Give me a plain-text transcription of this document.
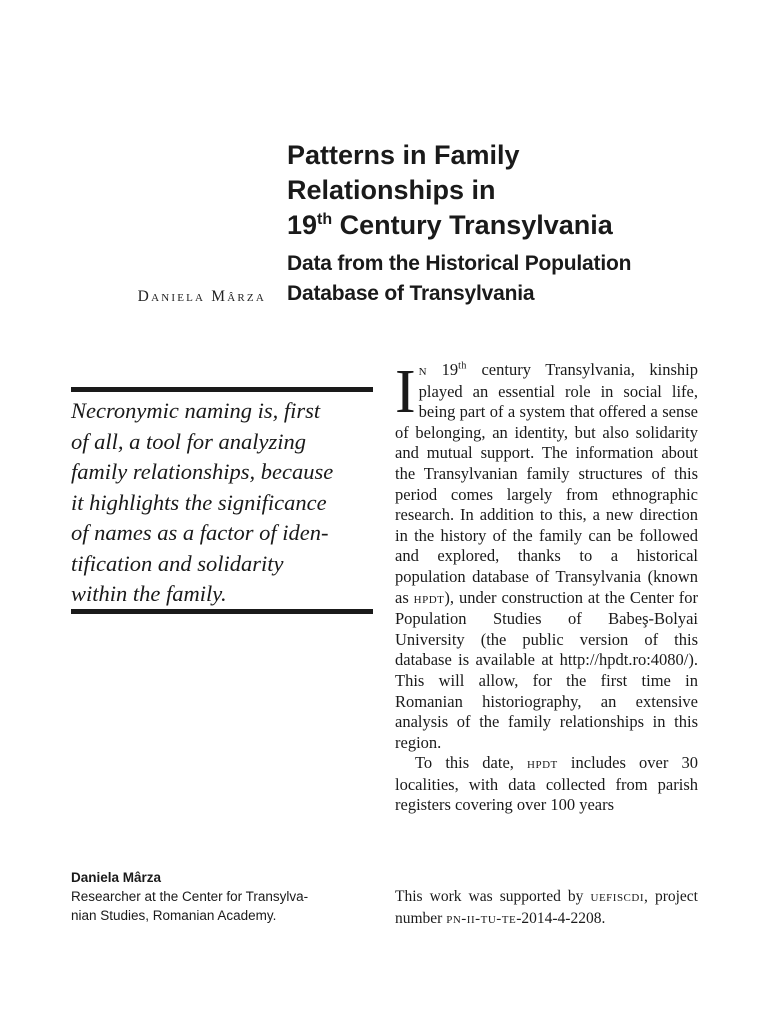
Patterns in Family
Relationships in
19th Century Transylvania
Data from the Historical Population
Database of Transylvania
Daniela Mârza
Necronymic naming is, first
of all, a tool for analyzing
family relationships, because
it highlights the significance
of names as a factor of iden-
tification and solidarity
within the family.

In 19th century Transylvania, kinship played an essential role in social life, being part of a system that offered a sense of belonging, an identity, but also solidarity and mutual support. The information about the Transylvanian family structures of this period comes largely from ethnographic research. In addition to this, a new direction in the history of the family can be followed and explored, thanks to a historical population database of Transylvania (known as hpdt), under construction at the Center for Population Studies of Babeş-Bolyai University (the public version of this database is available at http://hpdt.ro:4080/). This will allow, for the first time in Romanian historiography, an extensive analysis of the family relationships in this region.

To this date, hpdt includes over 30 localities, with data collected from parish registers covering over 100 years

This work was supported by uefiscdi, project number pn-ii-tu-te-2014-4-2208.
Daniela Mârza
Researcher at the Center for Transylva-
nian Studies, Romanian Academy.
